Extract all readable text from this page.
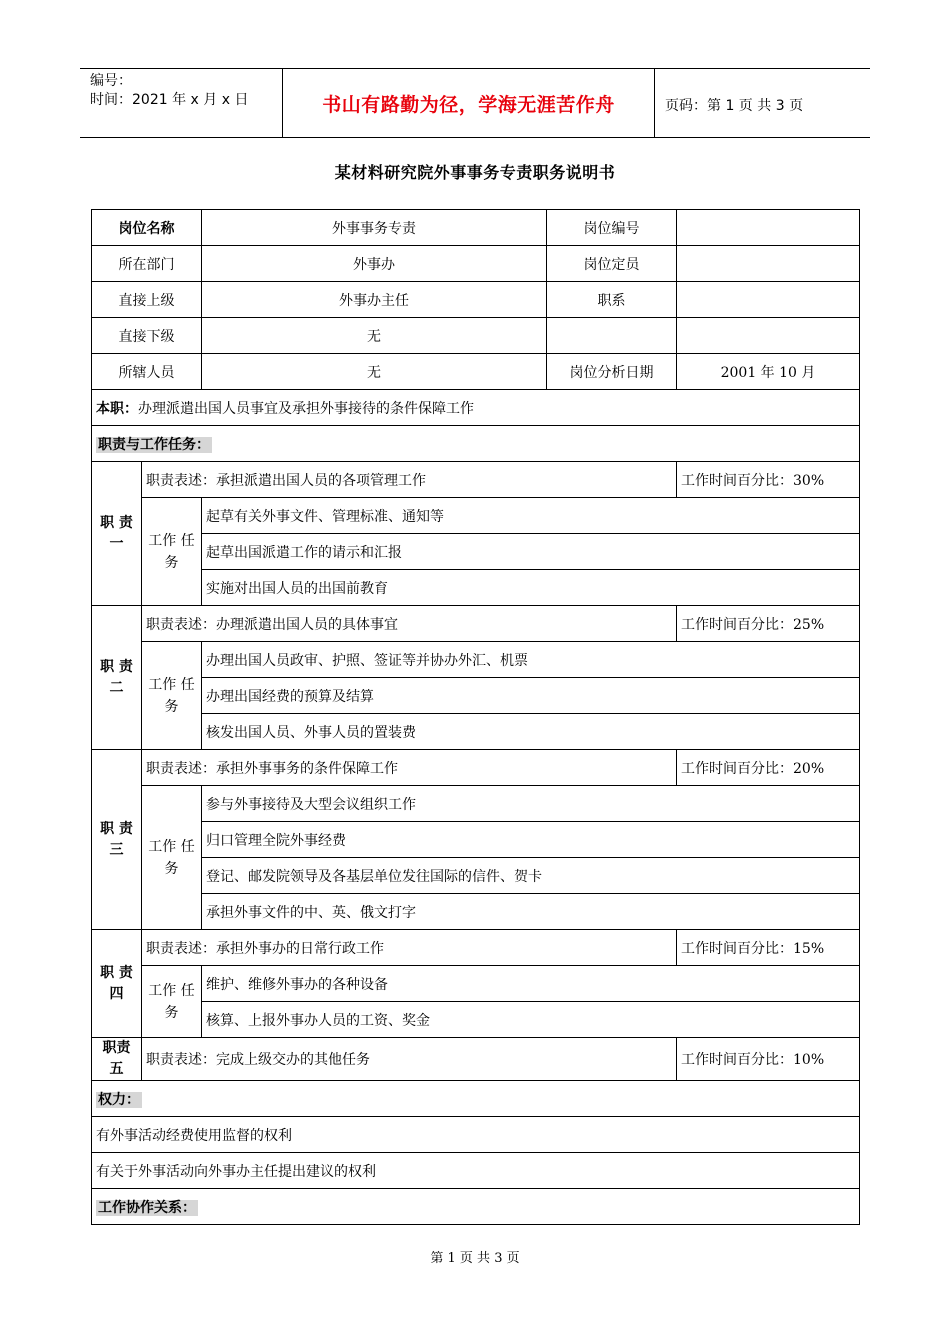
编号：
时间：2021 年 x 月 x 日	书山有路勤为径，学海无涯苦作舟	页码：第 1 页 共 3 页
某材料研究院外事事务专责职务说明书
岗位名称		外事事务专责	岗位编号	
所在部门		外事办	岗位定员	
直接上级		外事办主任	职系	
直接下级		无		
所辖人员		无	岗位分析日期	2001 年 10 月
本职：办理派遣出国人员事宜及承担外事接待的条件保障工作				
职责与工作任务：				
职 责 一	职责表述：承担派遣出国人员的各项管理工作			工作时间百分比：30%
	工作 任务	起草有关外事文件、管理标准、通知等		
		起草出国派遣工作的请示和汇报		
		实施对出国人员的出国前教育		
职 责 二	职责表述：办理派遣出国人员的具体事宜			工作时间百分比：25%
	工作 任务	办理出国人员政审、护照、签证等并协办外汇、机票		
		办理出国经费的预算及结算		
		核发出国人员、外事人员的置装费		
职 责 三	职责表述：承担外事事务的条件保障工作			工作时间百分比：20%
	工作 任务	参与外事接待及大型会议组织工作		
		归口管理全院外事经费		
		登记、邮发院领导及各基层单位发往国际的信件、贺卡		
		承担外事文件的中、英、俄文打字		
职 责 四	职责表述：承担外事办的日常行政工作			工作时间百分比：15%
	工作 任务	维护、维修外事办的各种设备		
		核算、上报外事办人员的工资、奖金		
职责 五	职责表述：完成上级交办的其他任务			工作时间百分比：10%
权力：				
有外事活动经费使用监督的权利				
有关于外事活动向外事办主任提出建议的权利				
工作协作关系：				
第 1 页 共 3 页
